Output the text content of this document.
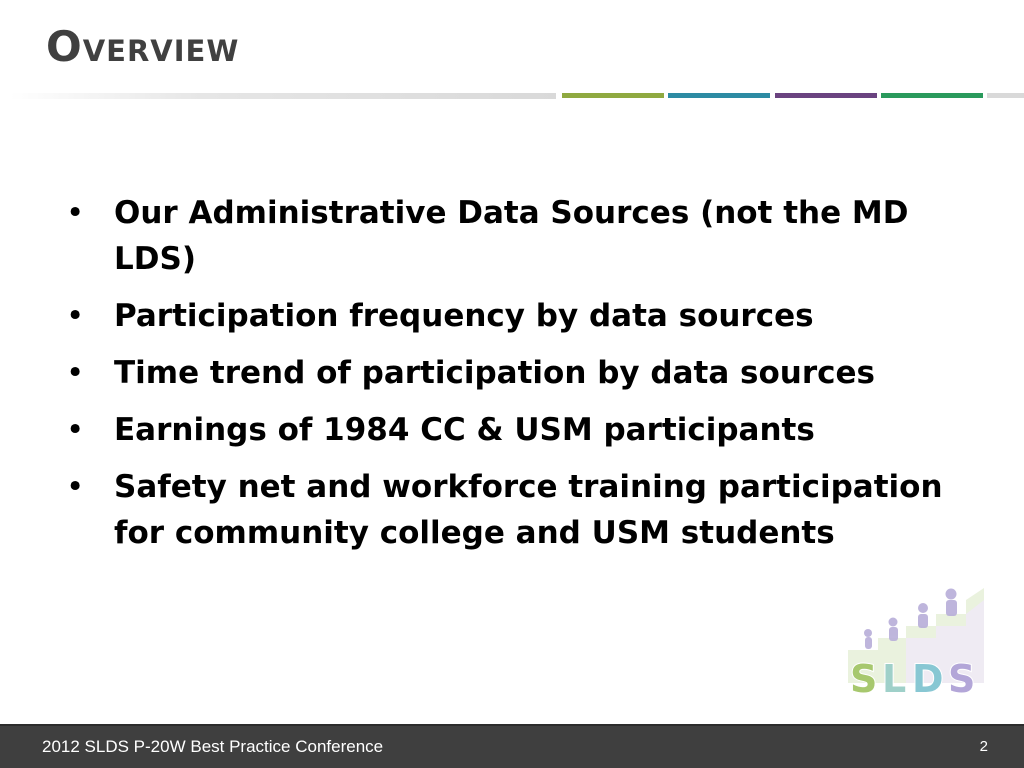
Overview
• Our Administrative Data Sources (not the MD LDS)
• Participation frequency by data sources
• Time trend of participation by data sources
• Earnings of 1984 CC & USM participants
• Safety net and workforce training participation for community college and USM students
S L D S
2012 SLDS P-20W Best Practice Conference	2
